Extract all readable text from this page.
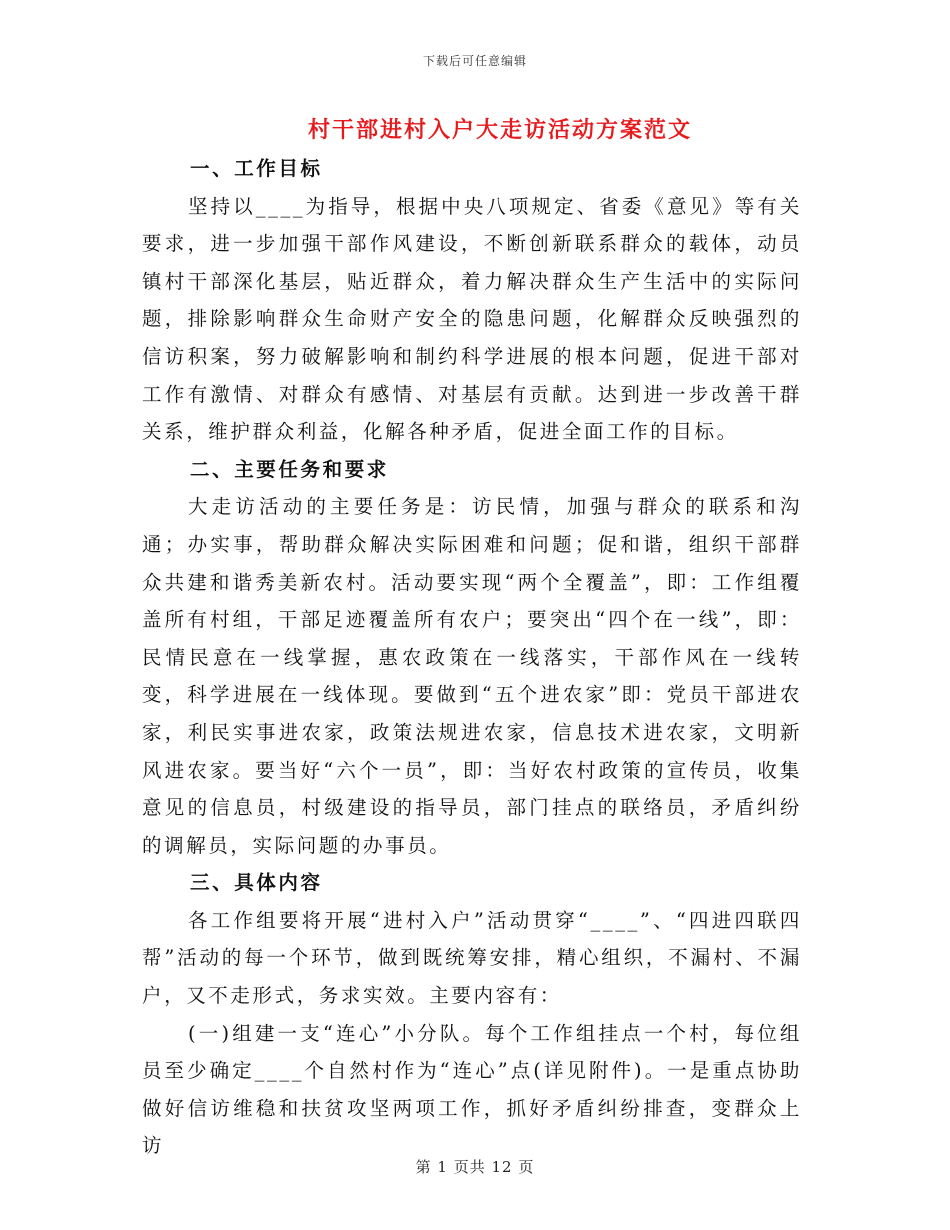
下载后可任意编辑
村干部进村入户大走访活动方案范文
一、工作目标

坚持以____为指导，根据中央八项规定、省委《意见》等有关要求，进一步加强干部作风建设，不断创新联系群众的载体，动员镇村干部深化基层，贴近群众，着力解决群众生产生活中的实际问题，排除影响群众生命财产安全的隐患问题，化解群众反映强烈的信访积案，努力破解影响和制约科学进展的根本问题，促进干部对工作有激情、对群众有感情、对基层有贡献。达到进一步改善干群关系，维护群众利益，化解各种矛盾，促进全面工作的目标。

二、主要任务和要求

大走访活动的主要任务是：访民情，加强与群众的联系和沟通；办实事，帮助群众解决实际困难和问题；促和谐，组织干部群众共建和谐秀美新农村。活动要实现“两个全覆盖”，即：工作组覆盖所有村组，干部足迹覆盖所有农户；要突出“四个在一线”，即：民情民意在一线掌握，惠农政策在一线落实，干部作风在一线转变，科学进展在一线体现。要做到“五个进农家”即：党员干部进农家，利民实事进农家，政策法规进农家，信息技术进农家，文明新风进农家。要当好“六个一员”，即：当好农村政策的宣传员，收集意见的信息员，村级建设的指导员，部门挂点的联络员，矛盾纠纷的调解员，实际问题的办事员。

三、具体内容

各工作组要将开展“进村入户”活动贯穿“____”、“四进四联四帮”活动的每一个环节，做到既统筹安排，精心组织，不漏村、不漏户，又不走形式，务求实效。主要内容有：

(一)组建一支“连心”小分队。每个工作组挂点一个村，每位组员至少确定____个自然村作为“连心”点(详见附件)。一是重点协助做好信访维稳和扶贫攻坚两项工作，抓好矛盾纠纷排查，变群众上访

第 1 页共 12 页
